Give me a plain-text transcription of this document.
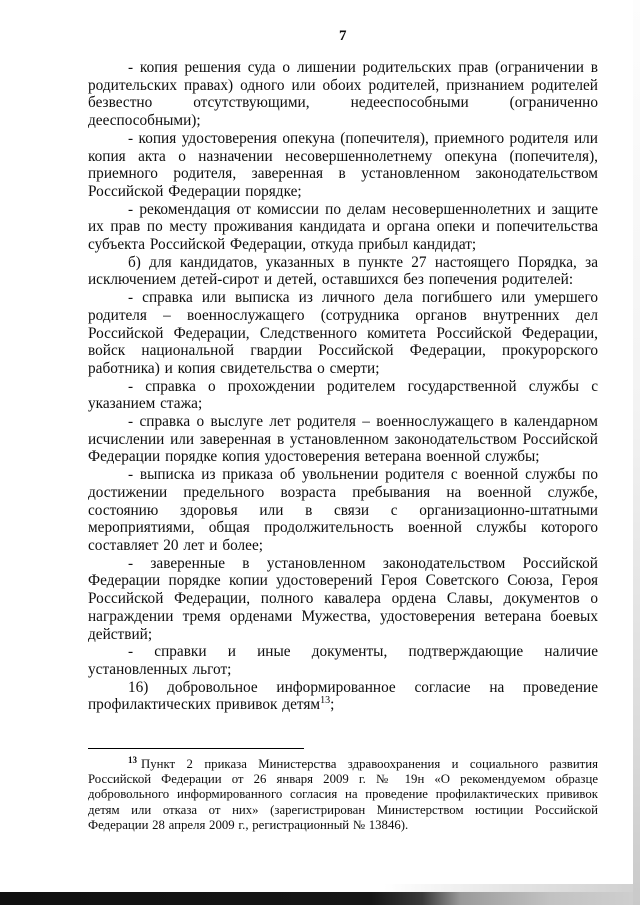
7

- копия решения суда о лишении родительских прав (ограничении в родительских правах) одного или обоих родителей, признанием родителей безвестно отсутствующими, недееспособными (ограниченно дееспособными);

- копия удостоверения опекуна (попечителя), приемного родителя или копия акта о назначении несовершеннолетнему опекуна (попечителя), приемного родителя, заверенная в установленном законодательством Российской Федерации порядке;

- рекомендация от комиссии по делам несовершеннолетних и защите их прав по месту проживания кандидата и органа опеки и попечительства субъекта Российской Федерации, откуда прибыл кандидат;

б) для кандидатов, указанных в пункте 27 настоящего Порядка, за исключением детей-сирот и детей, оставшихся без попечения родителей:

- справка или выписка из личного дела погибшего или умершего родителя – военнослужащего (сотрудника органов внутренних дел Российской Федерации, Следственного комитета Российской Федерации, войск национальной гвардии Российской Федерации, прокурорского работника) и копия свидетельства о смерти;

- справка о прохождении родителем государственной службы с указанием стажа;

- справка о выслуге лет родителя – военнослужащего в календарном исчислении или заверенная в установленном законодательством Российской Федерации порядке копия удостоверения ветерана военной службы;

- выписка из приказа об увольнении родителя с военной службы по достижении предельного возраста пребывания на военной службе, состоянию здоровья или в связи с организационно-штатными мероприятиями, общая продолжительность военной службы которого составляет 20 лет и более;

- заверенные в установленном законодательством Российской Федерации порядке копии удостоверений Героя Советского Союза, Героя Российской Федерации, полного кавалера ордена Славы, документов о награждении тремя орденами Мужества, удостоверения ветерана боевых действий;

- справки и иные документы, подтверждающие наличие установленных льгот;

16) добровольное информированное согласие на проведение профилактических прививок детям$^{13}$;

$^{13}$ Пункт 2 приказа Министерства здравоохранения и социального развития Российской Федерации от 26 января 2009 г. № 19н «О рекомендуемом образце добровольного информированного согласия на проведение профилактических прививок детям или отказа от них» (зарегистрирован Министерством юстиции Российской Федерации 28 апреля 2009 г., регистрационный № 13846).
